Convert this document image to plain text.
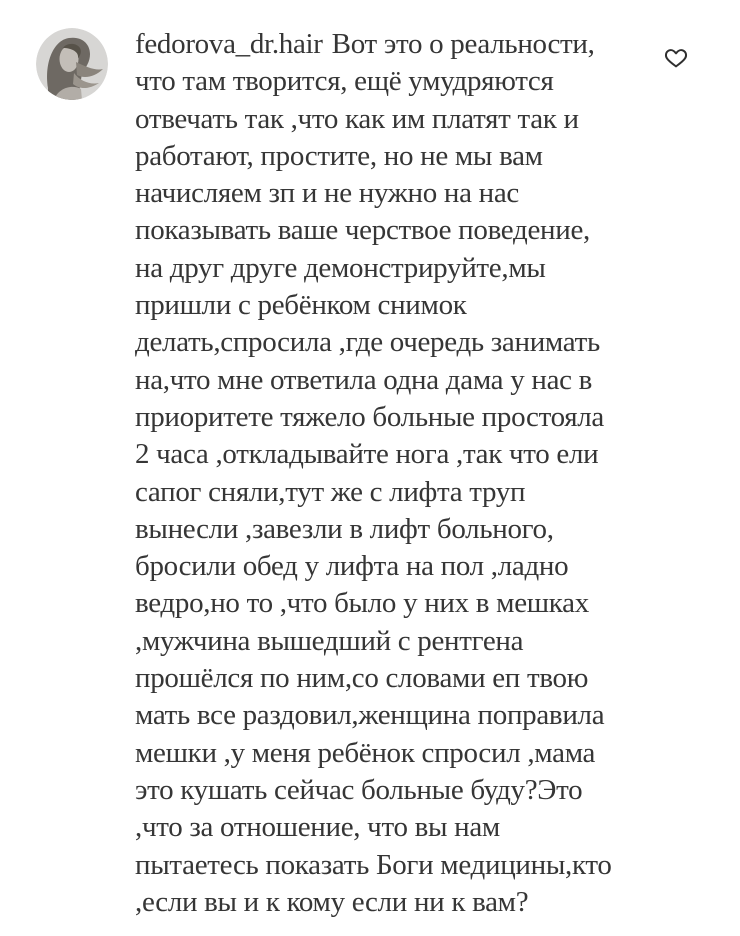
fedorova_dr.hair Вот это о реальности,
что там творится, ещё умудряются
отвечать так ,что как им платят так и
работают, простите, но не мы вам
начисляем зп и не нужно на нас
показывать ваше черствое поведение,
на друг друге демонстрируйте,мы
пришли с ребёнком снимок
делать,спросила ,где очередь занимать
на,что мне ответила одна дама у нас в
приоритете тяжело больные простояла
2 часа ,откладывайте нога ,так что ели
сапог сняли,тут же с лифта труп
вынесли ,завезли в лифт больного,
бросили обед у лифта на пол ,ладно
ведро,но то ,что было у них в мешках
,мужчина вышедший с рентгена
прошёлся по ним,со словами еп твою
мать все раздовил,женщина поправила
мешки ,у меня ребёнок спросил ,мама
это кушать сейчас больные буду?Это
,что за отношение, что вы нам
пытаетесь показать Боги медицины,кто
,если вы и к кому если ни к вам?
